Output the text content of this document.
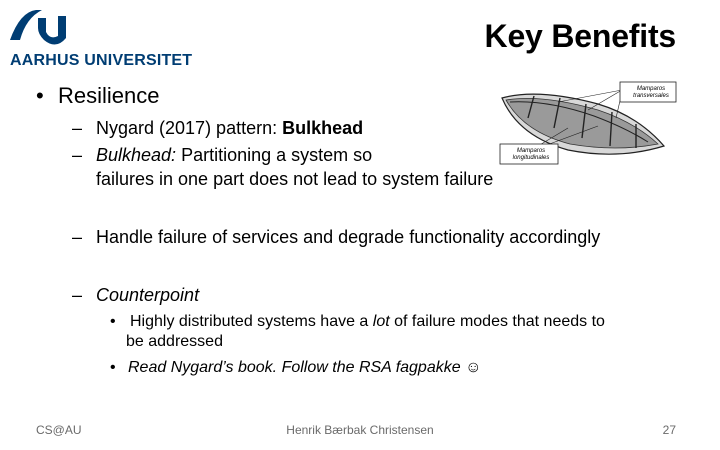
AARHUS UNIVERSITET
Key Benefits
• Resilience
– Nygard (2017) pattern: Bulkhead
– Bulkhead: Partitioning a system so
failures in one part does not lead to system failure
– Handle failure of services and degrade functionality accordingly
– Counterpoint
• Highly distributed systems have a lot of failure modes that needs to
be addressed
• Read Nygard’s book. Follow the RSA fagpakke ☺
Mamparos transversales
Mamparos longitudinales
CS@AU	Henrik Bærbak Christensen	27
